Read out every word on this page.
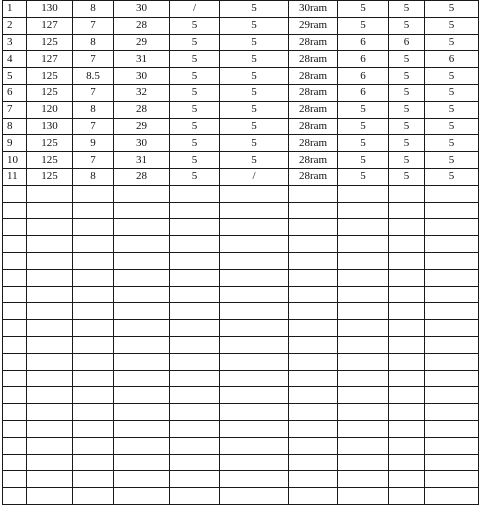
1	130	8	30	/	5	30ram	5	5	5
2	127	7	28	5	5	29ram	5	5	5
3	125	8	29	5	5	28ram	6	6	5
4	127	7	31	5	5	28ram	6	5	6
5	125	8.5	30	5	5	28ram	6	5	5
6	125	7	32	5	5	28ram	6	5	5
7	120	8	28	5	5	28ram	5	5	5
8	130	7	29	5	5	28ram	5	5	5
9	125	9	30	5	5	28ram	5	5	5
10	125	7	31	5	5	28ram	5	5	5
11	125	8	28	5	/	28ram	5	5	5
